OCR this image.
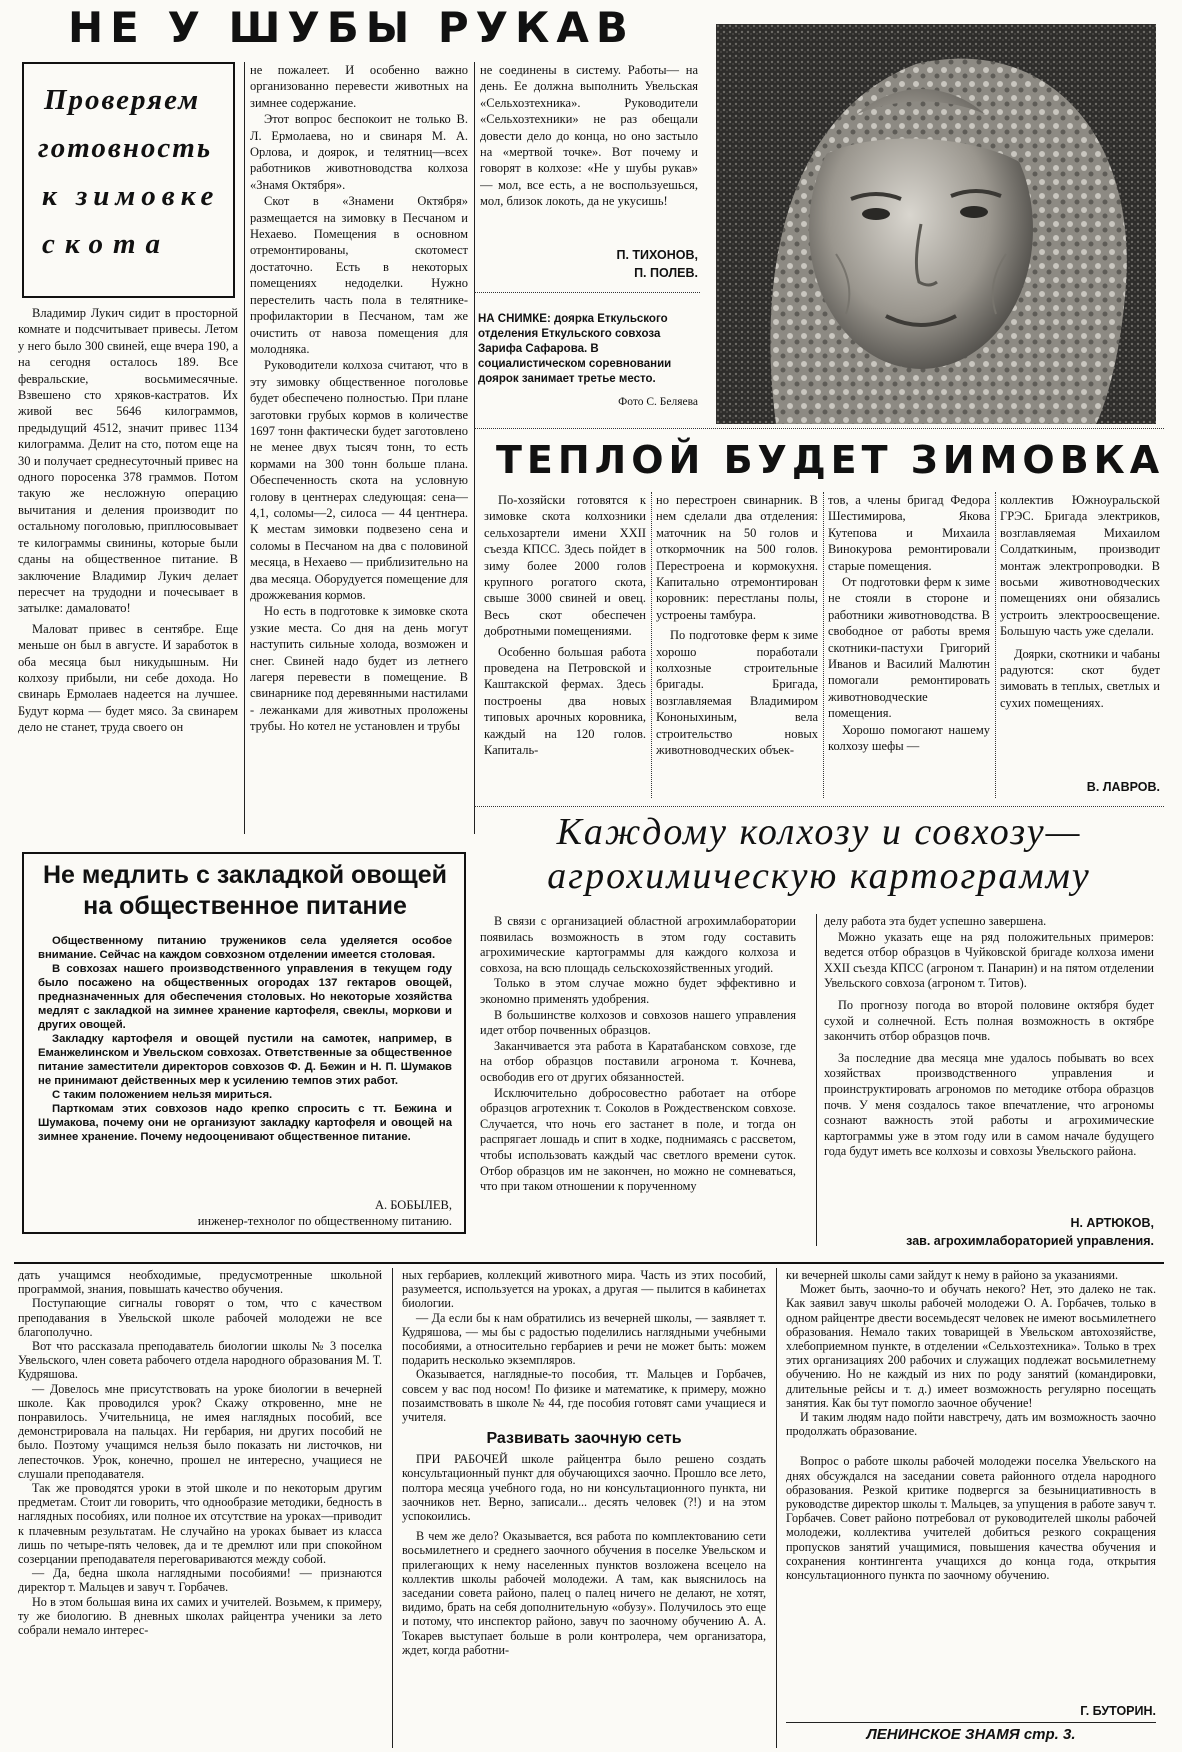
НЕ У ШУБЫ РУКАВ
Проверяем
готовность
к зимовке
скота

Владимир Лукич сидит в просторной комнате и подсчитывает привесы. Летом у него было 300 свиней, еще вчера 190, а на сегодня осталось 189. Все февральские, восьмимесячные. Взвешено сто хряков-кастратов. Их живой вес 5646 килограммов, предыдущий 4512, значит привес 1134 килограмма. Делит на сто, потом еще на 30 и получает среднесуточный привес на одного поросенка 378 граммов. Потом такую же несложную операцию вычитания и деления производит по остальному поголовью, приплюсовывает те килограммы свинины, которые были сданы на общественное питание. В заключение Владимир Лукич делает пересчет на трудодни и почесывает в затылке: дамаловато!

Маловат привес в сентябре. Еще меньше он был в августе. И заработок в оба месяца был никудышным. Ни колхозу прибыли, ни себе дохода. Но свинарь Ермолаев надеется на лучшее. Будут корма — будет мясо. За свинарем дело не станет, труда своего он

не пожалеет. И особенно важно организованно перевести животных на зимнее содержание.

Этот вопрос беспокоит не только В. Л. Ермолаева, но и свинаря М. А. Орлова, и доярок, и телятниц—всех работников животноводства колхоза «Знамя Октября».

Скот в «Знамени Октября» размещается на зимовку в Песчаном и Нехаево. Помещения в основном отремонтированы, скотомест достаточно. Есть в некоторых помещениях недоделки. Нужно перестелить часть пола в телятнике-профилактории в Песчаном, там же очистить от навоза помещения для молодняка.

Руководители колхоза считают, что в эту зимовку общественное поголовье будет обеспечено полностью. При плане заготовки грубых кормов в количестве 1697 тонн фактически будет заготовлено не менее двух тысяч тонн, то есть кормами на 300 тонн больше плана. Обеспеченность скота на условную голову в центнерах следующая: сена—4,1, соломы—2, силоса — 44 центнера. К местам зимовки подвезено сена и соломы в Песчаном на два с половиной месяца, в Нехаево — приблизительно на два месяца. Оборудуется помещение для дрожжевания кормов.

Но есть в подготовке к зимовке скота узкие места. Со дня на день могут наступить сильные холода, возможен и снег. Свиней надо будет из летнего лагеря перевести в помещение. В свинарнике под деревянными настилами - лежанками для животных проложены трубы. Но котел не установлен и трубы

не соединены в систему. Работы— на день. Ее должна выполнить Увельская «Сельхозтехника». Руководители «Сельхозтехники» не раз обещали довести дело до конца, но оно застыло на «мертвой точке». Вот почему и говорят в колхозе: «Не у шубы рукав» — мол, все есть, а не воспользуешься, мол, близок локоть, да не укусишь!

П. ТИХОНОВ,
П. ПОЛЕВ.
НА СНИМКЕ: доярка Еткульского отделения Еткульского совхоза Зарифа Сафарова. В социалистическом соревновании доярок занимает третье место.
Фото С. Беляева
ТЕПЛОЙ БУДЕТ ЗИМОВКА

По-хозяйски готовятся к зимовке скота колхозники сельхозартели имени XXII съезда КПСС. Здесь пойдет в зиму более 2000 голов крупного рогатого скота, свыше 3000 свиней и овец. Весь скот обеспечен добротными помещениями.

Особенно большая работа проведена на Петровской и Каштакской фермах. Здесь построены два новых типовых арочных коровника, каждый на 120 голов. Капиталь-

но перестроен свинарник. В нем сделали два отделения: маточник на 50 голов и откормочник на 500 голов. Перестроена и кормокухня. Капитально отремонтирован коровник: перестланы полы, устроены тамбура.

По подготовке ферм к зиме хорошо поработали колхозные строительные бригады. Бригада, возглавляемая Владимиром Кононыхиным, вела строительство новых животноводческих объек-

тов, а члены бригад Федора Шестимирова, Якова Кутепова и Михаила Винокурова ремонтировали старые помещения.

От подготовки ферм к зиме не стояли в стороне и работники животноводства. В свободное от работы время скотники-пастухи Григорий Иванов и Василий Малютин помогали ремонтировать животноводческие помещения.

Хорошо помогают нашему колхозу шефы —

коллектив Южноуральской ГРЭС. Бригада электриков, возглавляемая Михаилом Солдаткиным, производит монтаж электропроводки. В восьми животноводческих помещениях они обязались устроить электроосвещение. Большую часть уже сделали.

Доярки, скотники и чабаны радуются: скот будет зимовать в теплых, светлых и сухих помещениях.

В. ЛАВРОВ.
Не медлить с закладкой овощей на общественное питание

Общественному питанию тружеников села уделяется особое внимание. Сейчас на каждом совхозном отделении имеется столовая.

В совхозах нашего производственного управления в текущем году было посажено на общественных огородах 137 гектаров овощей, предназначенных для обеспечения столовых. Но некоторые хозяйства медлят с закладкой на зимнее хранение картофеля, свеклы, моркови и других овощей.

Закладку картофеля и овощей пустили на самотек, например, в Еманжелинском и Увельском совхозах. Ответственные за общественное питание заместители директоров совхозов Ф. Д. Бежин и Н. П. Шумаков не принимают действенных мер к усилению темпов этих работ.

С таким положением нельзя мириться.

Парткомам этих совхозов надо крепко спросить с тт. Бежина и Шумакова, почему они не организуют закладку картофеля и овощей на зимнее хранение. Почему недооценивают общественное питание.

А. БОБЫЛЕВ,
инженер-технолог по общественному питанию.
Каждому колхозу и совхозу—
агрохимическую картограмму

В связи с организацией областной агрохимлаборатории появилась возможность в этом году составить агрохимические картограммы для каждого колхоза и совхоза, на всю площадь сельскохозяйственных угодий.

Только в этом случае можно будет эффективно и экономно применять удобрения.

В большинстве колхозов и совхозов нашего управления идет отбор почвенных образцов.

Заканчивается эта работа в Каратабанском совхозе, где на отбор образцов поставили агронома т. Кочнева, освободив его от других обязанностей.

Исключительно добросовестно работает на отборе образцов агротехник т. Соколов в Рождественском совхозе. Случается, что ночь его застанет в поле, и тогда он распрягает лошадь и спит в ходке, поднимаясь с рассветом, чтобы использовать каждый час светлого времени суток. Отбор образцов им не закончен, но можно не сомневаться, что при таком отношении к порученному

делу работа эта будет успешно завершена.

Можно указать еще на ряд положительных примеров: ведется отбор образцов в Чуйковской бригаде колхоза имени XXII съезда КПСС (агроном т. Панарин) и на пятом отделении Увельского совхоза (агроном т. Титов).

По прогнозу погода во второй половине октября будет сухой и солнечной. Есть полная возможность в октябре закончить отбор образцов почв.

За последние два месяца мне удалось побывать во всех хозяйствах производственного управления и проинструктировать агрономов по методике отбора образцов почв. У меня создалось такое впечатление, что агрономы сознают важность этой работы и агрохимические картограммы уже в этом году или в самом начале будущего года будут иметь все колхозы и совхозы Увельского района.

Н. АРТЮКОВ,
зав. агрохимлабораторией управления.

дать учащимся необходимые, предусмотренные школьной программой, знания, повышать качество обучения.

Поступающие сигналы говорят о том, что с качеством преподавания в Увельской школе рабочей молодежи не все благополучно.

Вот что рассказала преподаватель биологии школы № 3 поселка Увельского, член совета рабочего отдела народного образования М. Т. Кудряшова.

— Довелось мне присутствовать на уроке биологии в вечерней школе. Как проводился урок? Скажу откровенно, мне не понравилось. Учительница, не имея наглядных пособий, все демонстрировала на пальцах. Ни гербария, ни других пособий не было. Поэтому учащимся нельзя было показать ни листочков, ни лепесточков. Урок, конечно, прошел не интересно, учащиеся не слушали преподавателя.

Так же проводятся уроки в этой школе и по некоторым другим предметам. Стоит ли говорить, что однообразие методики, бедность в наглядных пособиях, или полное их отсутствие на уроках—приводит к плачевным результатам. Не случайно на уроках бывает из класса лишь по четыре-пять человек, да и те дремлют или при спокойном созерцании преподавателя переговариваются между собой.

— Да, бедна школа наглядными пособиями! — признаются директор т. Мальцев и завуч т. Горбачев.

Но в этом большая вина их самих и учителей. Возьмем, к примеру, ту же биологию. В дневных школах райцентра ученики за лето собрали немало интерес-

ных гербариев, коллекций животного мира. Часть из этих пособий, разумеется, используется на уроках, а другая — пылится в кабинетах биологии.

— Да если бы к нам обратились из вечерней школы, — заявляет т. Кудряшова, — мы бы с радостью поделились наглядными учебными пособиями, а относительно гербариев и речи не может быть: можем подарить несколько экземпляров.

Оказывается, наглядные-то пособия, тт. Мальцев и Горбачев, совсем у вас под носом! По физике и математике, к примеру, можно позаимствовать в школе № 44, где пособия готовят сами учащиеся и учителя.

Развивать заочную сеть

ПРИ РАБОЧЕЙ школе райцентра было решено создать консультационный пункт для обучающихся заочно. Прошло все лето, полтора месяца учебного года, но ни консультационного пункта, ни заочников нет. Верно, записали... десять человек (?!) и на этом успокоились.

В чем же дело? Оказывается, вся работа по комплектованию сети восьмилетнего и среднего заочного обучения в поселке Увельском и прилегающих к нему населенных пунктов возложена всецело на коллектив школы рабочей молодежи. А там, как выяснилось на заседании совета районо, палец о палец ничего не делают, не хотят, видимо, брать на себя дополнительную «обузу». Получилось это еще и потому, что инспектор районо, завуч по заочному обучению А. А. Токарев выступает больше в роли контролера, чем организатора, ждет, когда работни-

ки вечерней школы сами зайдут к нему в районо за указаниями.

Может быть, заочно-то и обучать некого? Нет, это далеко не так. Как заявил завуч школы рабочей молодежи О. А. Горбачев, только в одном райцентре двести восемьдесят человек не имеют восьмилетнего образования. Немало таких товарищей в Увельском автохозяйстве, хлебоприемном пункте, в отделении «Сельхозтехника». Только в трех этих организациях 200 рабочих и служащих подлежат восьмилетнему обучению. Но не каждый из них по роду занятий (командировки, длительные рейсы и т. д.) имеет возможность регулярно посещать занятия. Как бы тут помогло заочное обучение!

И таким людям надо пойти навстречу, дать им возможность заочно продолжать образование.

Вопрос о работе школы рабочей молодежи поселка Увельского на днях обсуждался на заседании совета районного отдела народного образования. Резкой критике подвергся за безынициативность в руководстве директор школы т. Мальцев, за упущения в работе завуч т. Горбачев. Совет районо потребовал от руководителей школы рабочей молодежи, коллектива учителей добиться резкого сокращения пропусков занятий учащимися, повышения качества обучения и сохранения контингента учащихся до конца года, открытия консультационного пункта по заочному обучению.

Г. БУТОРИН.
ЛЕНИНСКОЕ ЗНАМЯ стр. 3.
